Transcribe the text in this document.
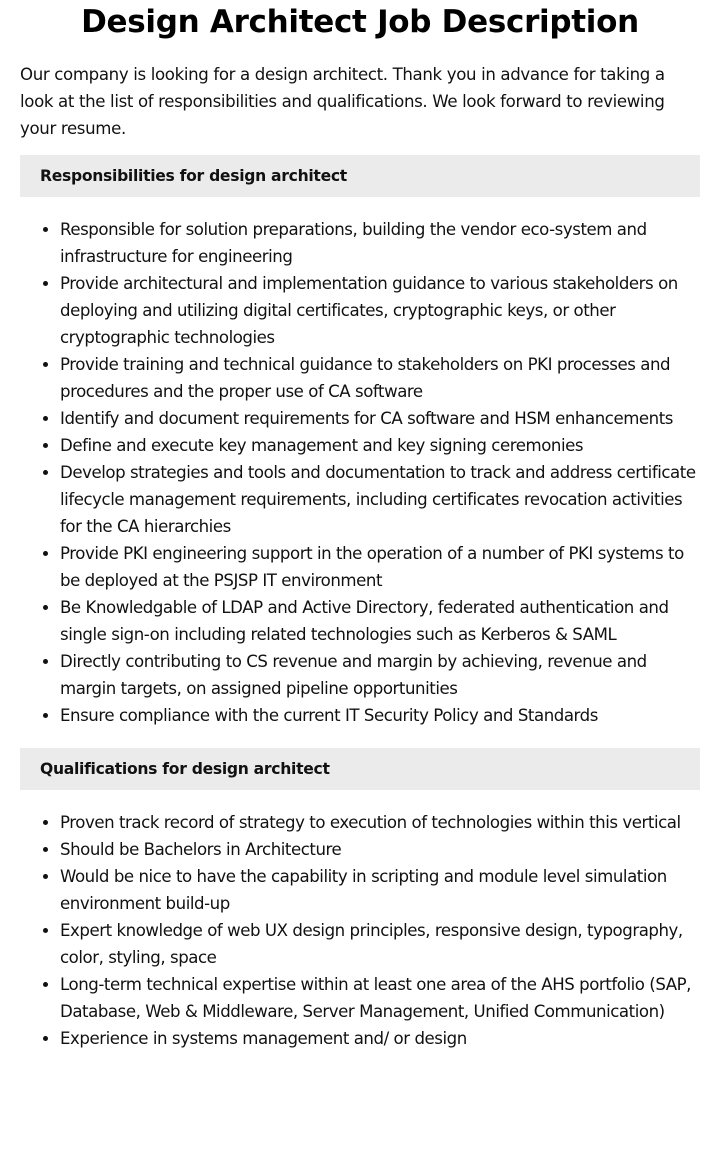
Design Architect Job Description

Our company is looking for a design architect. Thank you in advance for taking a look at the list of responsibilities and qualifications. We look forward to reviewing your resume.

Responsibilities for design architect
Responsible for solution preparations, building the vendor eco-system and infrastructure for engineering
Provide architectural and implementation guidance to various stakeholders on deploying and utilizing digital certificates, cryptographic keys, or other cryptographic technologies
Provide training and technical guidance to stakeholders on PKI processes and procedures and the proper use of CA software
Identify and document requirements for CA software and HSM enhancements
Define and execute key management and key signing ceremonies
Develop strategies and tools and documentation to track and address certificate lifecycle management requirements, including certificates revocation activities for the CA hierarchies
Provide PKI engineering support in the operation of a number of PKI systems to be deployed at the PSJSP IT environment
Be Knowledgable of LDAP and Active Directory, federated authentication and single sign-on including related technologies such as Kerberos & SAML
Directly contributing to CS revenue and margin by achieving, revenue and margin targets, on assigned pipeline opportunities
Ensure compliance with the current IT Security Policy and Standards
Qualifications for design architect
Proven track record of strategy to execution of technologies within this vertical
Should be Bachelors in Architecture
Would be nice to have the capability in scripting and module level simulation environment build-up
Expert knowledge of web UX design principles, responsive design, typography, color, styling, space
Long-term technical expertise within at least one area of the AHS portfolio (SAP, Database, Web & Middleware, Server Management, Unified Communication)
Experience in systems management and/ or design
